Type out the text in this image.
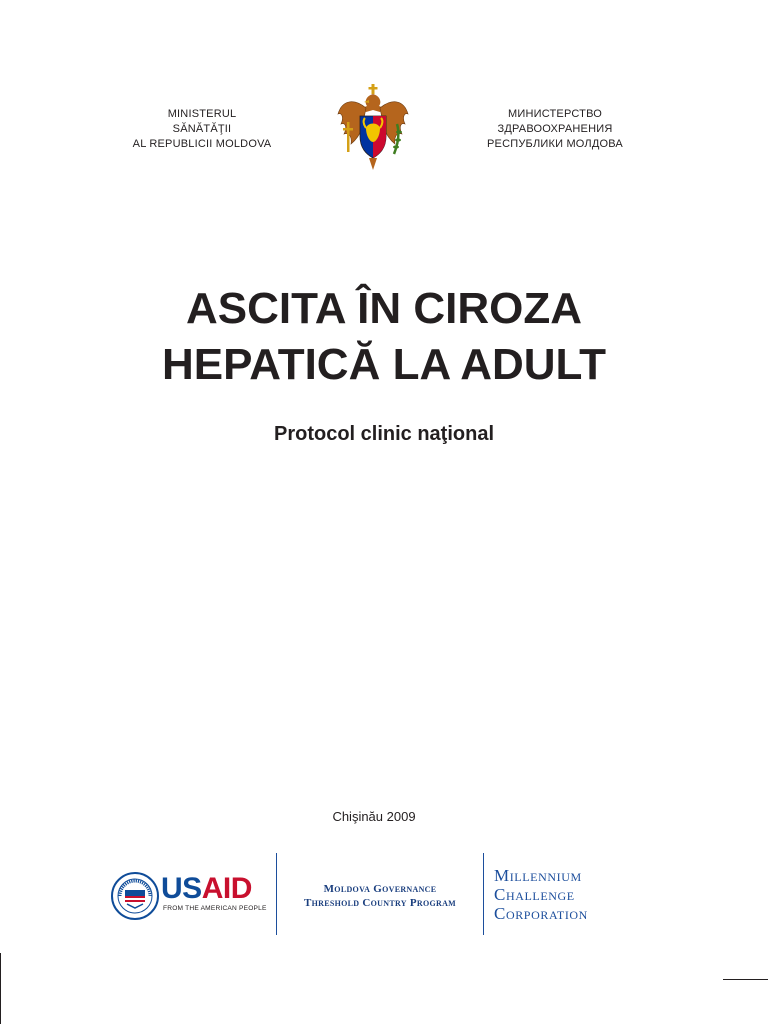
MINISTERUL
SĂNĂTĂŢII
AL REPUBLICII MOLDOVA
МИНИСТЕРСТВО
ЗДРАВООХРАНЕНИЯ
РЕСПУБЛИКИ МОЛДОВА
ASCITA ÎN CIROZA
HEPATICĂ LA ADULT
Protocol clinic naţional
Chişinău 2009
USAID
FROM THE AMERICAN PEOPLE
Moldova Governance
Threshold Country Program
Millennium
Challenge
Corporation
